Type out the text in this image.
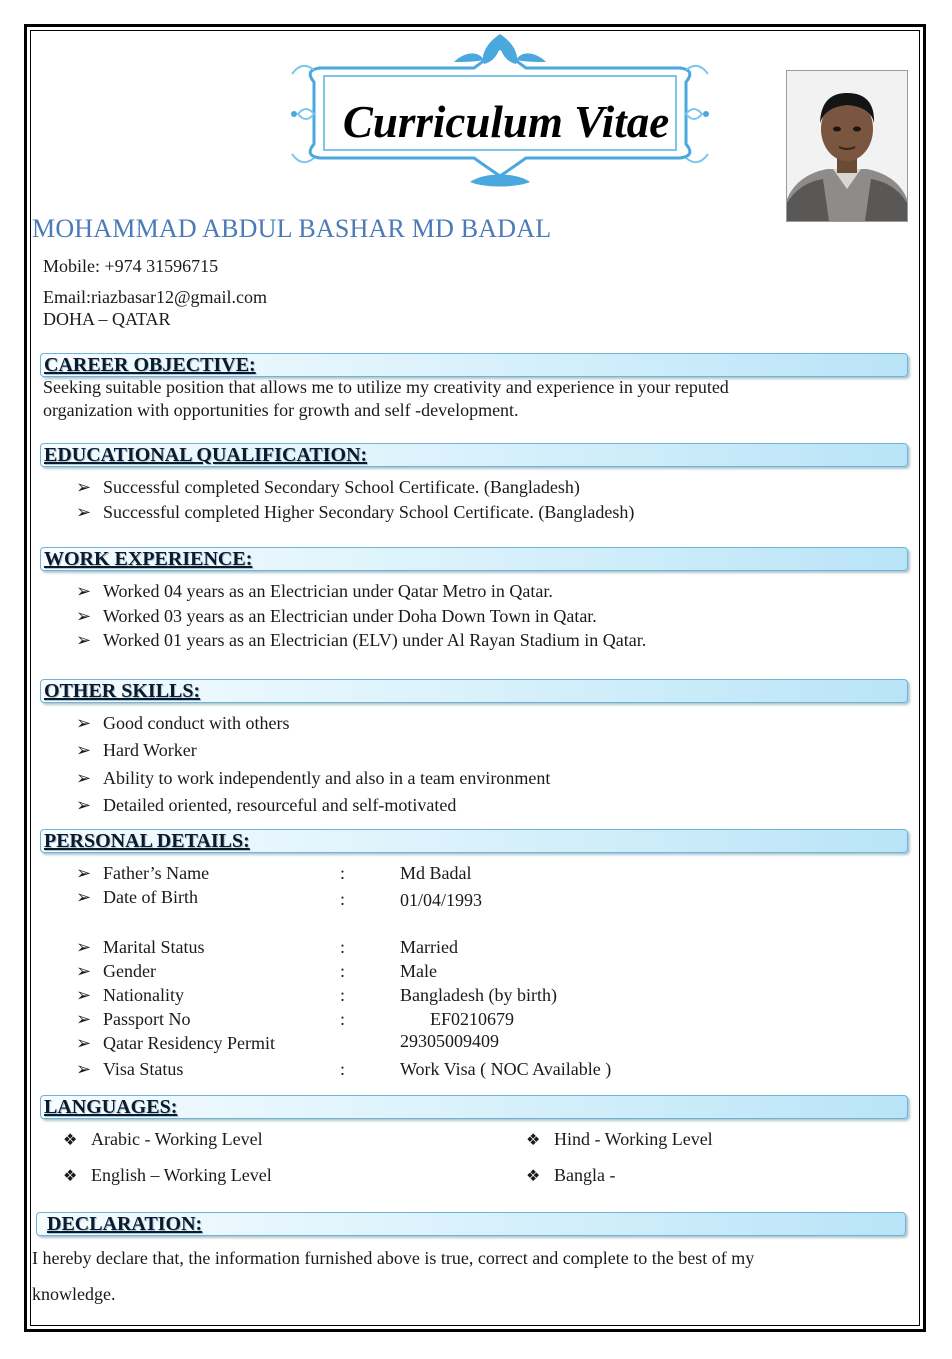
Curriculum Vitae
MOHAMMAD ABDUL BASHAR MD BADAL
Mobile: +974 31596715
Email:riazbasar12@gmail.com
DOHA – QATAR
CAREER OBJECTIVE:
Seeking suitable position that allows me to utilize my creativity and experience in your reputed
organization with opportunities for growth and self -development.
EDUCATIONAL QUALIFICATION:
➢ Successful completed Secondary School Certificate. (Bangladesh)
➢ Successful completed Higher Secondary School Certificate. (Bangladesh)
WORK EXPERIENCE:
➢ Worked 04 years as an Electrician under Qatar Metro in Qatar.
➢ Worked 03 years as an Electrician under Doha Down Town in Qatar.
➢ Worked 01 years as an Electrician (ELV) under Al Rayan Stadium in Qatar.
OTHER SKILLS:
➢ Good conduct with others
➢ Hard Worker
➢ Ability to work independently and also in a team environment
➢ Detailed oriented, resourceful and self-motivated
PERSONAL DETAILS:
➢ Father’s Name	:	Md Badal
➢ Date of Birth	:	01/04/1993
➢ Marital Status	:	Married
➢ Gender	:	Male
➢ Nationality	:	Bangladesh (by birth)
➢ Passport No	:	EF0210679
➢ Qatar Residency Permit	29305009409
➢ Visa Status	:	Work Visa ( NOC Available )
LANGUAGES:
❖ Arabic - Working Level	❖ Hind - Working Level
❖ English – Working Level	❖ Bangla -
DECLARATION:
I hereby declare that, the information furnished above is true, correct and complete to the best of my
knowledge.
